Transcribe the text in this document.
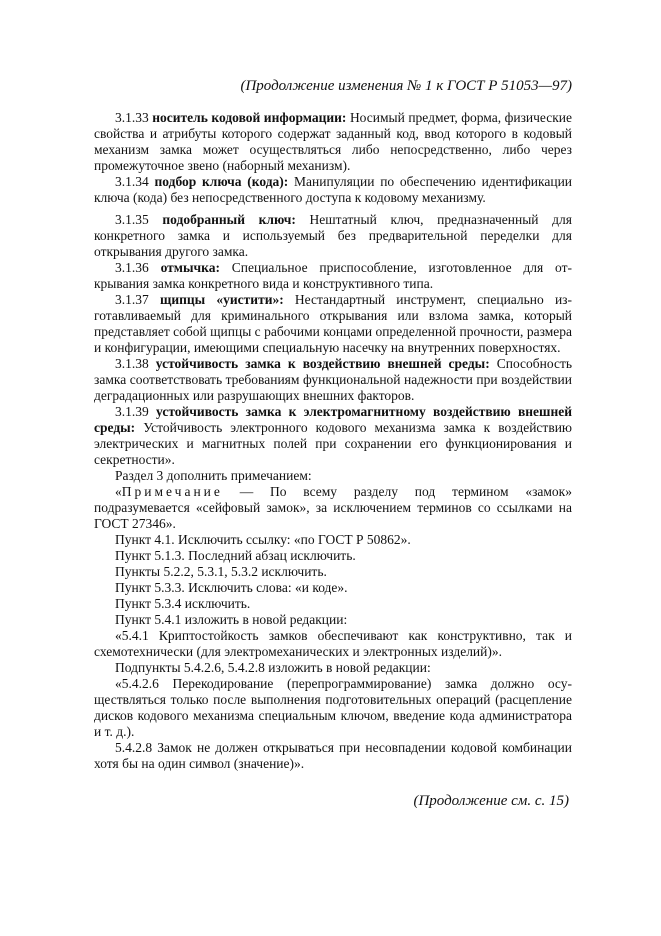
(Продолжение изменения № 1 к ГОСТ Р 51053—97)

3.1.33 носитель кодовой информации: Носимый предмет, форма, физические свойства и атрибуты которого содержат заданный код, ввод которого в кодовый механизм замка может осуществляться либо непосредственно, либо через промежуточное звено (наборный механизм).

3.1.34 подбор ключа (кода): Манипуляции по обеспечению идентификации ключа (кода) без непосредственного доступа к кодовому механизму.

3.1.35 подобранный ключ: Нештатный ключ, предназначенный для конкретного замка и используемый без предварительной переделки для открывания другого замка.

3.1.36 отмычка: Специальное приспособление, изготовленное для открывания замка конкретного вида и конструктивного типа.

3.1.37 щипцы «уистити»: Нестандартный инструмент, специально изготавливаемый для криминального открывания или взлома замка, который представляет собой щипцы с рабочими концами определенной прочности, размера и конфигурации, имеющими специальную насечку на внутренних поверхностях.

3.1.38 устойчивость замка к воздействию внешней среды: Способность замка соответствовать требованиям функциональной надежности при воздействии деградационных или разрушающих внешних факторов.

3.1.39 устойчивость замка к электромагнитному воздействию внешней среды: Устойчивость электронного кодового механизма замка к воздействию электрических и магнитных полей при сохранении его функционирования и секретности».

Раздел 3 дополнить примечанием:

«Примечание — По всему разделу под термином «замок» подразумевается «сейфовый замок», за исключением терминов со ссылками на ГОСТ 27346».

Пункт 4.1. Исключить ссылку: «по ГОСТ Р 50862».

Пункт 5.1.3. Последний абзац исключить.

Пункты 5.2.2, 5.3.1, 5.3.2 исключить.

Пункт 5.3.3. Исключить слова: «и коде».

Пункт 5.3.4 исключить.

Пункт 5.4.1 изложить в новой редакции:

«5.4.1 Криптостойкость замков обеспечивают как конструктивно, так и схемотехнически (для электромеханических и электронных изделий)».

Подпункты 5.4.2.6, 5.4.2.8 изложить в новой редакции:

«5.4.2.6 Перекодирование (перепрограммирование) замка должно осуществляться только после выполнения подготовительных операций (расцепление дисков кодового механизма специальным ключом, введение кода администратора и т. д.).

5.4.2.8 Замок не должен открываться при несовпадении кодовой комбинации хотя бы на один символ (значение)».

(Продолжение см. с. 15)
